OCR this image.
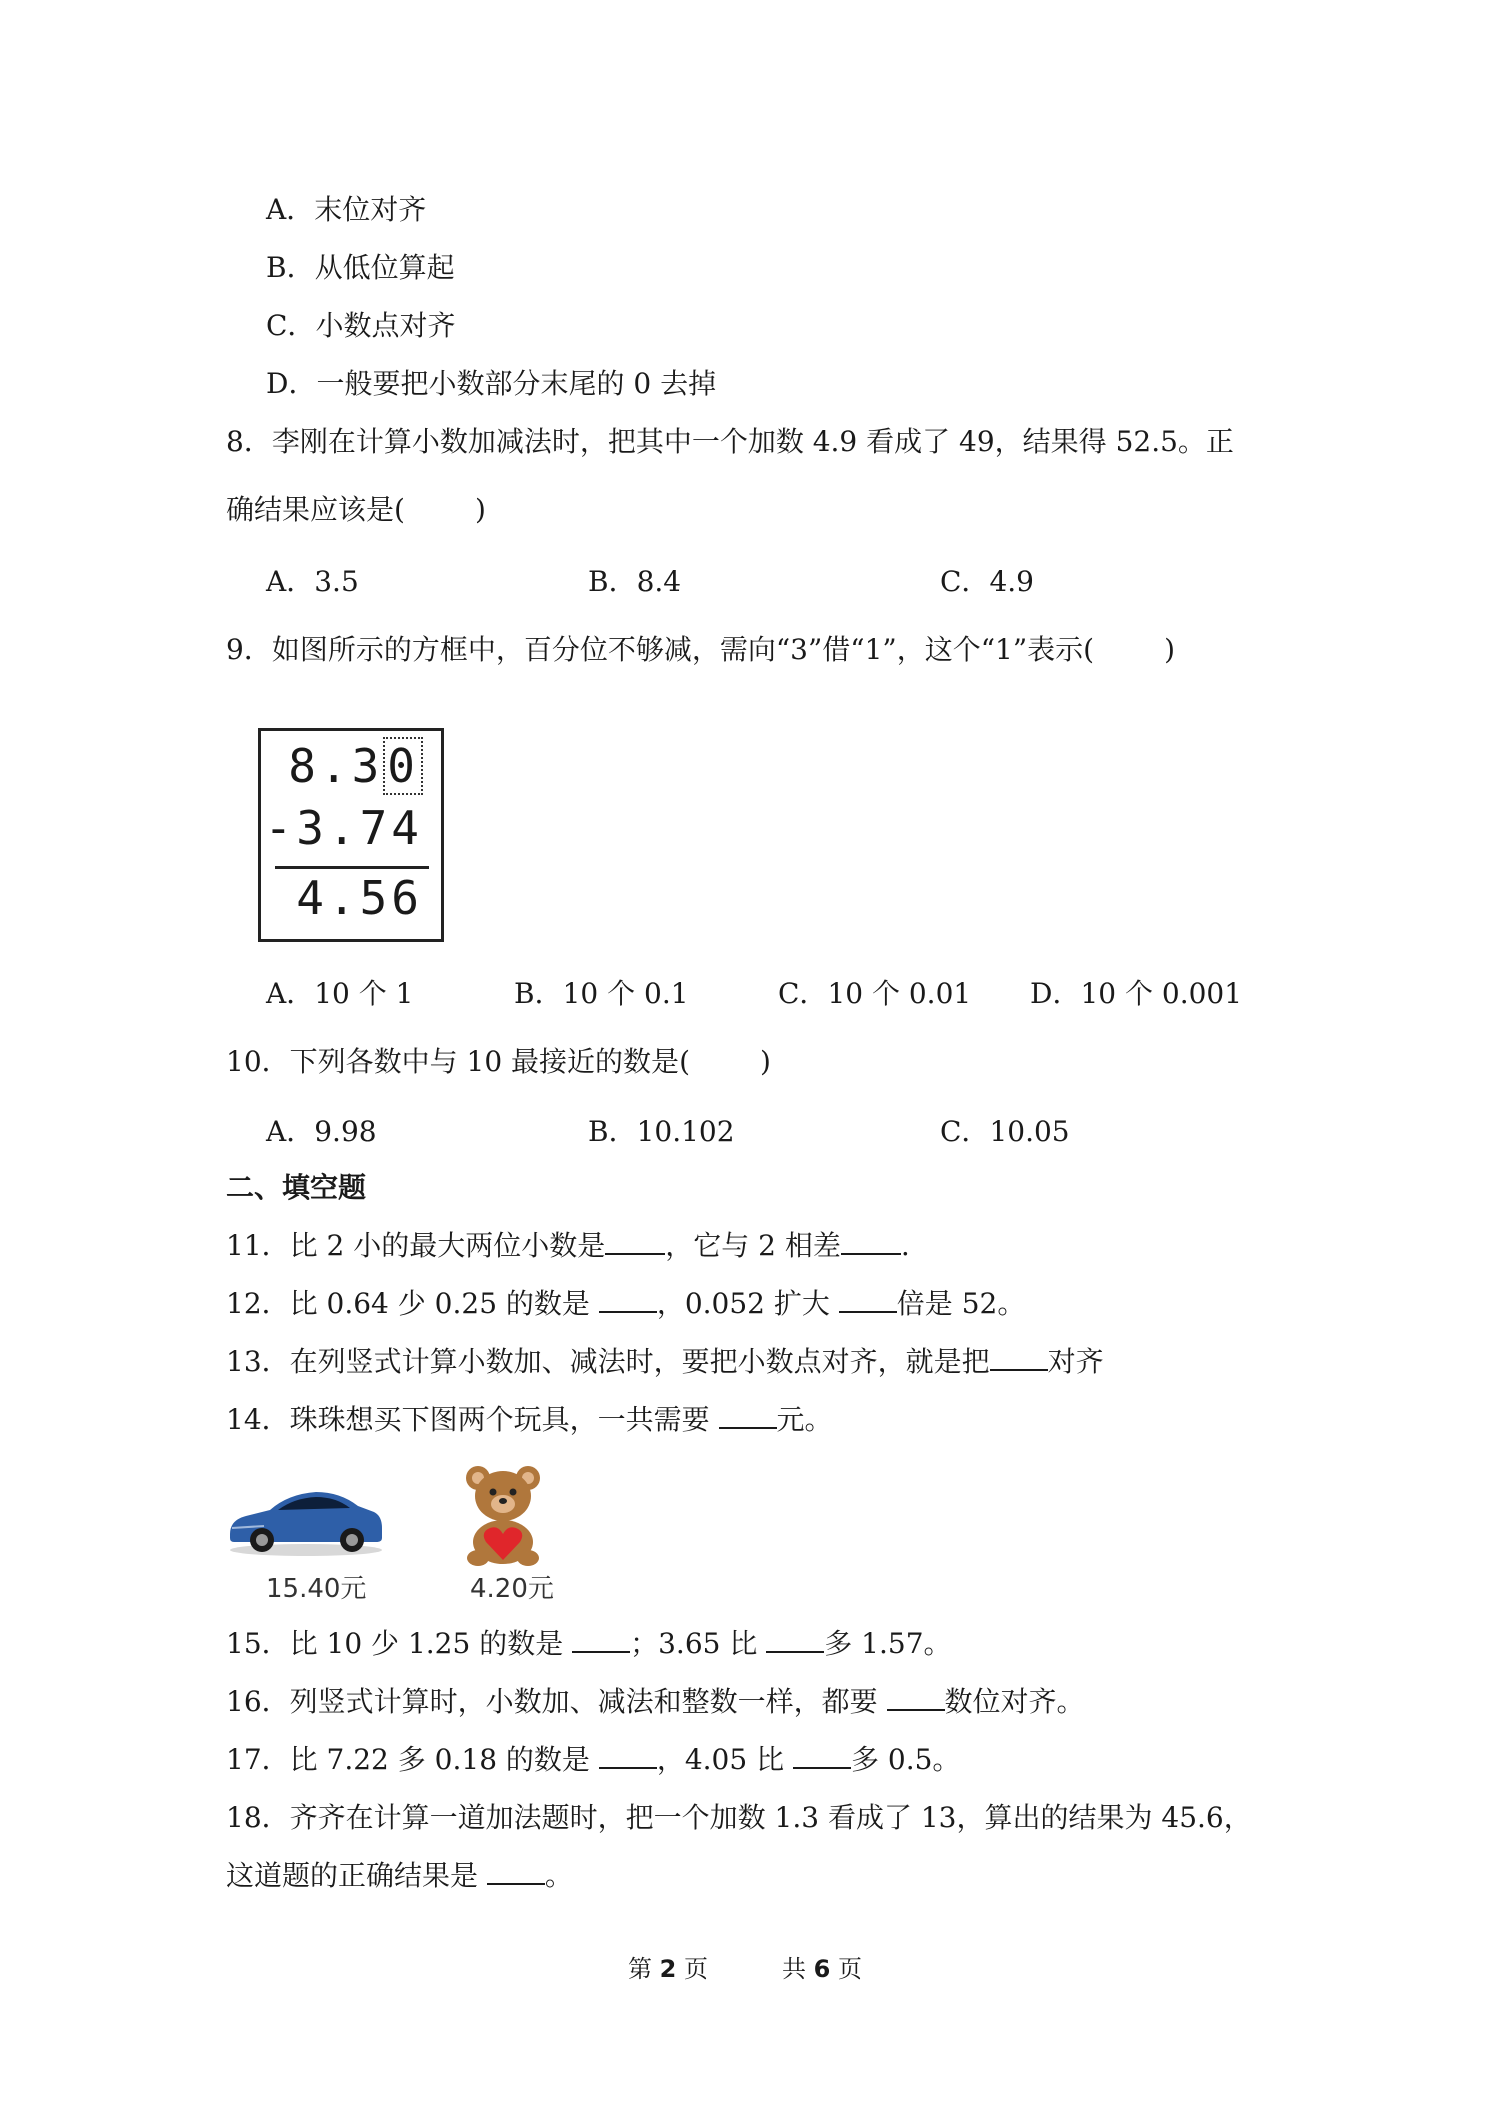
A．末位对齐
B．从低位算起
C．小数点对齐
D．一般要把小数部分末尾的 0 去掉
8．李刚在计算小数加减法时，把其中一个加数 4.9 看成了 49，结果得 52.5。正
确结果应该是(	)
A．3.5	B．8.4	C．4.9
9．如图所示的方框中，百分位不够减，需向“3”借“1”，这个“1”表示(	)
8.30
-3.74
4.56
A．10 个 1	B．10 个 0.1	C．10 个 0.01 D．10 个 0.001
10．下列各数中与 10 最接近的数是(	)
A．9.98	B．10.102	C．10.05
二、填空题
11．比 2 小的最大两位小数是 ，它与 2 相差 .
12．比 0.64 少 0.25 的数是 ，0.052 扩大 倍是 52。
13．在列竖式计算小数加、减法时，要把小数点对齐，就是把 对齐
14．珠珠想买下图两个玩具，一共需要 元。
15.40元	4.20元
15．比 10 少 1.25 的数是 ；3.65 比 多 1.57。
16．列竖式计算时，小数加、减法和整数一样，都要 数位对齐。
17．比 7.22 多 0.18 的数是 ，4.05 比 多 0.5。
18．齐齐在计算一道加法题时，把一个加数 1.3 看成了 13，算出的结果为 45.6，
这道题的正确结果是 。
第 2 页	共 6 页
